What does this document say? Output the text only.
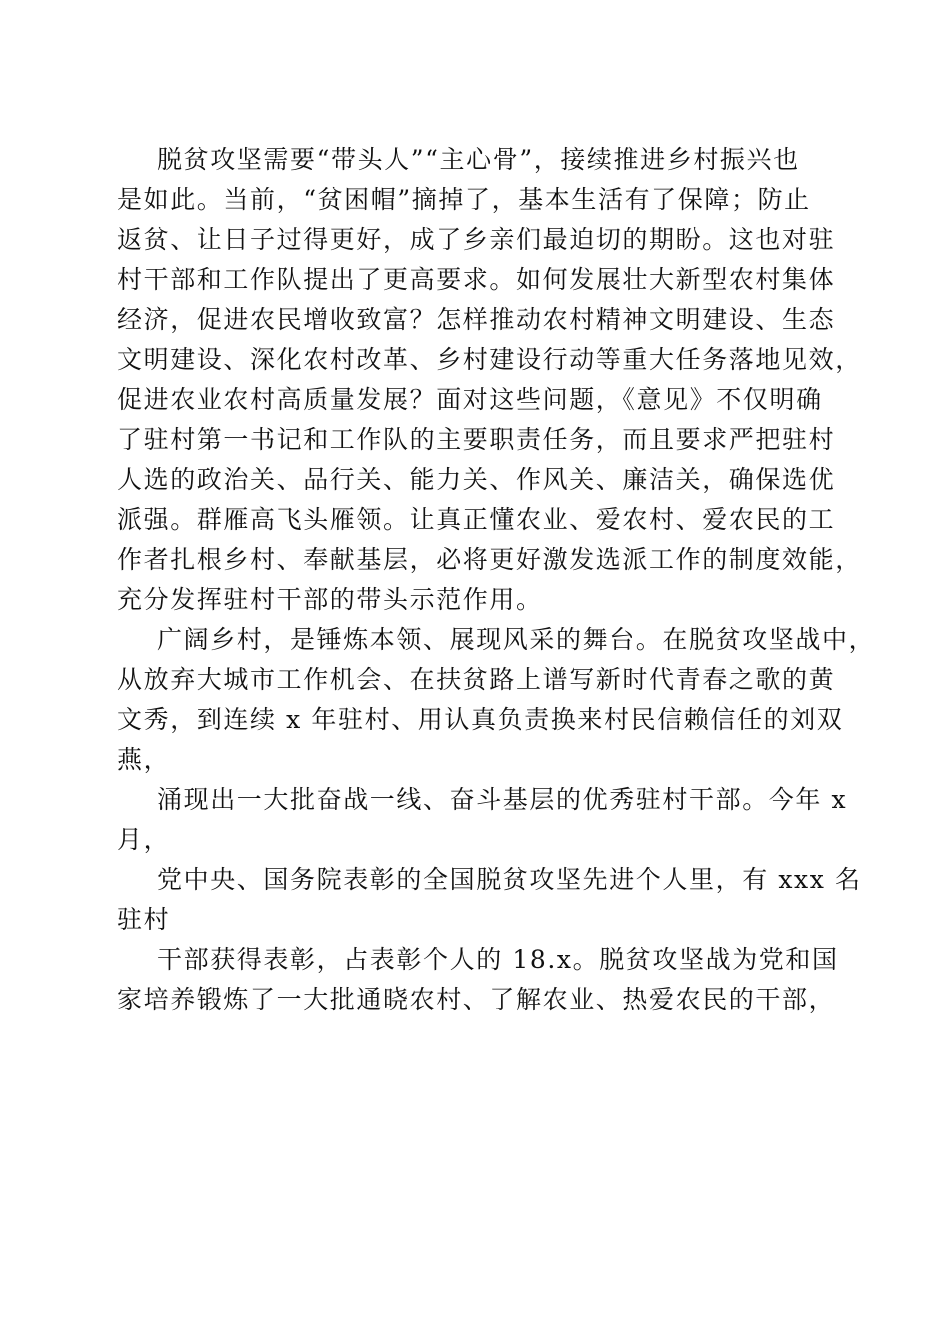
脱贫攻坚需要“带头人”“主心骨”，接续推进乡村振兴也
是如此。当前，“贫困帽”摘掉了，基本生活有了保障；防止
返贫、让日子过得更好，成了乡亲们最迫切的期盼。这也对驻
村干部和工作队提出了更高要求。如何发展壮大新型农村集体
经济，促进农民增收致富？怎样推动农村精神文明建设、生态
文明建设、深化农村改革、乡村建设行动等重大任务落地见效，
促进农业农村高质量发展？面对这些问题，《意见》不仅明确
了驻村第一书记和工作队的主要职责任务，而且要求严把驻村
人选的政治关、品行关、能力关、作风关、廉洁关，确保选优
派强。群雁高飞头雁领。让真正懂农业、爱农村、爱农民的工
作者扎根乡村、奉献基层，必将更好激发选派工作的制度效能，
充分发挥驻村干部的带头示范作用。
广阔乡村，是锤炼本领、展现风采的舞台。在脱贫攻坚战中，
从放弃大城市工作机会、在扶贫路上谱写新时代青春之歌的黄
文秀，到连续 x 年驻村、用认真负责换来村民信赖信任的刘双
燕，
涌现出一大批奋战一线、奋斗基层的优秀驻村干部。今年 x
月，
党中央、国务院表彰的全国脱贫攻坚先进个人里，有 xxx 名
驻村
干部获得表彰，占表彰个人的 18.x。脱贫攻坚战为党和国
家培养锻炼了一大批通晓农村、了解农业、热爱农民的干部，
